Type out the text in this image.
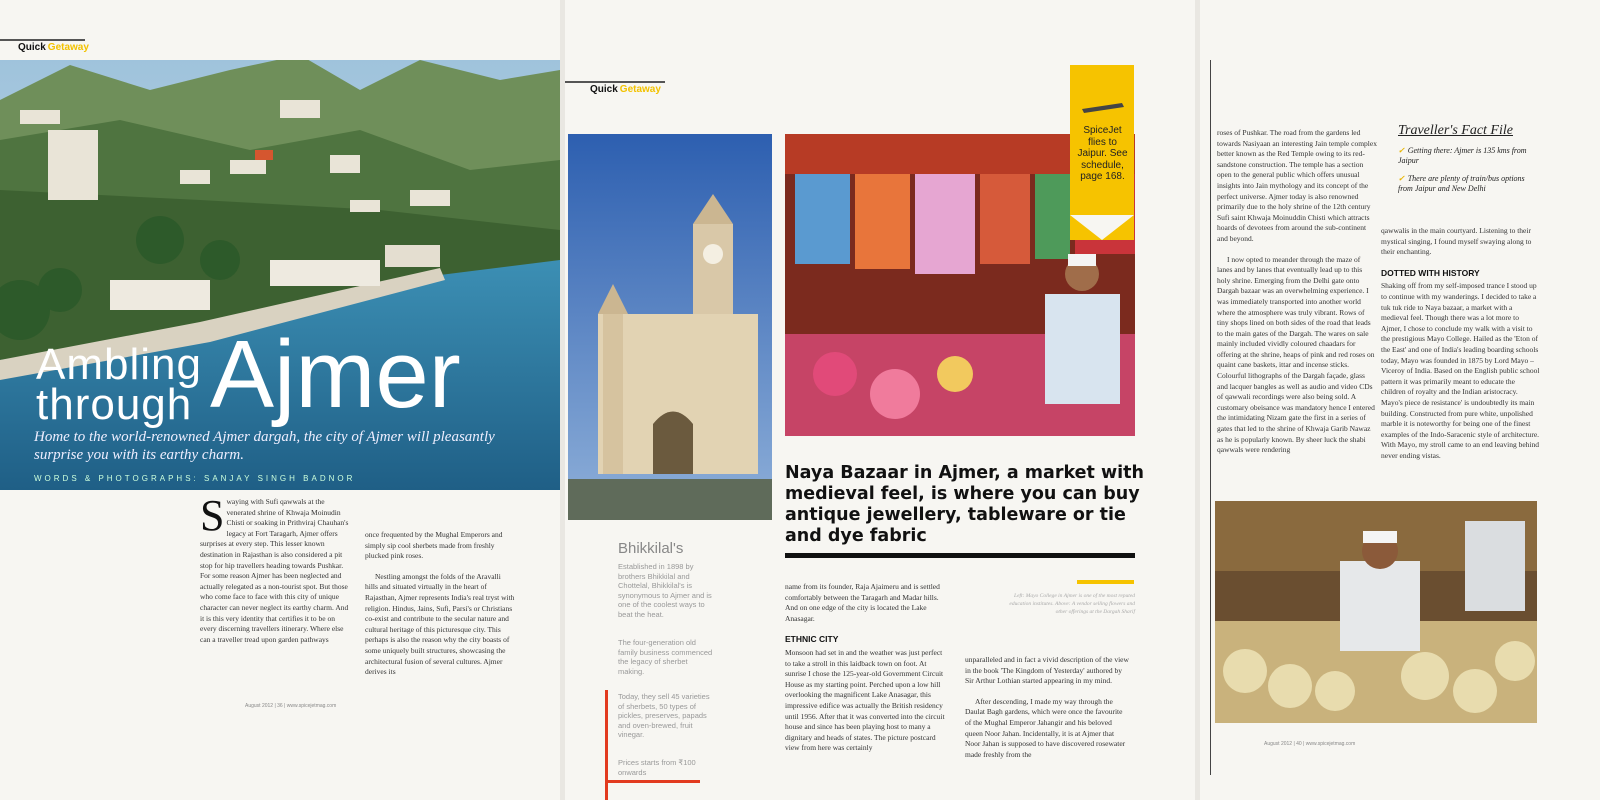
Quick Getaway
Ambling
through Ajmer
Home to the world-renowned Ajmer dargah, the city of Ajmer will pleasantly surprise you with its earthy charm.
WORDS & PHOTOGRAPHS: SANJAY SINGH BADNOR
S waying with Sufi qawwals at the venerated shrine of Khwaja Moinudin Chisti or soaking in Prithviraj Chauhan's legacy at Fort Taragarh, Ajmer offers surprises at every step. This lesser known destination in Rajasthan is also considered a pit stop for hip travellers heading towards Pushkar. For some reason Ajmer has been neglected and actually relegated as a non-tourist spot. But those who come face to face with this city of unique character can never neglect its earthy charm. And it is this very identity that certifies it to be on every discerning travellers itinerary. Where else can a traveller tread upon garden pathways
once frequented by the Mughal Emperors and simply sip cool sherbets made from freshly plucked pink roses.
Nestling amongst the folds of the Aravalli hills and situated virtually in the heart of Rajasthan, Ajmer represents India's real tryst with religion. Hindus, Jains, Sufi, Parsi's or Christians co-exist and contribute to the secular nature and cultural heritage of this picturesque city. This perhaps is also the reason why the city boasts of some uniquely built structures, showcasing the architectural fusion of several cultures. Ajmer derives its
August 2012 | 36 | www.spicejetmag.com
Quick Getaway
SpiceJet flies to Jaipur. See schedule, page 168.
Bhikkilal's
Established in 1898 by brothers Bhikkilal and Chottelal, Bhikkilal's is synonymous to Ajmer and is one of the coolest ways to beat the heat.
The four-generation old family business commenced the legacy of sherbet making.
Today, they sell 45 varieties of sherbets, 50 types of pickles, preserves, papads and oven-brewed, fruit vinegar.
Prices starts from ₹100 onwards
Naya Bazaar in Ajmer, a market with medieval feel, is where you can buy antique jewellery, tableware or tie and dye fabric
Left: Mayo College in Ajmer is one of the most reputed education institutes. Above: A vendor selling flowers and other offerings at the Dargah Sharif
name from its founder, Raja Ajaimeru and is settled comfortably between the Taragarh and Madar hills. And on one edge of the city is located the Lake Anasagar.
ETHNIC CITY
Monsoon had set in and the weather was just perfect to take a stroll in this laidback town on foot. At sunrise I chose the 125-year-old Government Circuit House as my starting point. Perched upon a low hill overlooking the magnificent Lake Anasagar, this impressive edifice was actually the British residency until 1956. After that it was converted into the circuit house and since has been playing host to many a dignitary and heads of states. The picture postcard view from here was certainly
unparalleled and in fact a vivid description of the view in the book 'The Kingdom of Yesterday' authored by Sir Arthur Lothian started appearing in my mind.
After descending, I made my way through the Daulat Bagh gardens, which were once the favourite of the Mughal Emperor Jahangir and his beloved queen Noor Jahan. Incidentally, it is at Ajmer that Noor Jahan is supposed to have discovered rosewater made freshly from the
roses of Pushkar. The road from the gardens led towards Nasiyaan an interesting Jain temple complex better known as the Red Temple owing to its red-sandstone construction. The temple has a section open to the general public which offers unusual insights into Jain mythology and its concept of the perfect universe. Ajmer today is also renowned primarily due to the holy shrine of the 12th century Sufi saint Khwaja Moinuddin Chisti which attracts hoards of devotees from around the sub-continent and beyond.
I now opted to meander through the maze of lanes and by lanes that eventually lead up to this holy shrine. Emerging from the Delhi gate onto Dargah bazaar was an overwhelming experience. I was immediately transported into another world where the atmosphere was truly vibrant. Rows of tiny shops lined on both sides of the road that leads to the main gates of the Dargah. The wares on sale mainly included vividly coloured chaadars for offering at the shrine, heaps of pink and red roses on quaint cane baskets, ittar and incense sticks. Colourful lithographs of the Dargah façade, glass and lacquer bangles as well as audio and video CDs of qawwali recordings were also being sold. A customary obeisance was mandatory hence I entered the intimidating Nizam gate the first in a series of gates that led to the shrine of Khwaja Garib Nawaz as he is popularly known. By sheer luck the shabi qawwals were rendering
Traveller's Fact File
✓ Getting there: Ajmer is 135 kms from Jaipur
✓ There are plenty of train/bus options from Jaipur and New Delhi
qawwalis in the main courtyard. Listening to their mystical singing, I found myself swaying along to their enchanting.
DOTTED WITH HISTORY
Shaking off from my self-imposed trance I stood up to continue with my wanderings. I decided to take a tuk tuk ride to Naya bazaar, a market with a medieval feel. Though there was a lot more to Ajmer, I chose to conclude my walk with a visit to the prestigious Mayo College. Hailed as the 'Eton of the East' and one of India's leading boarding schools today, Mayo was founded in 1875 by Lord Mayo – Viceroy of India. Based on the English public school pattern it was primarily meant to educate the children of royalty and the Indian aristocracy. Mayo's piece de resistance' is undoubtedly its main building. Constructed from pure white, unpolished marble it is noteworthy for being one of the finest examples of the Indo-Saracenic style of architecture. With Mayo, my stroll came to an end leaving behind never ending vistas.
August 2012 | 40 | www.spicejetmag.com
